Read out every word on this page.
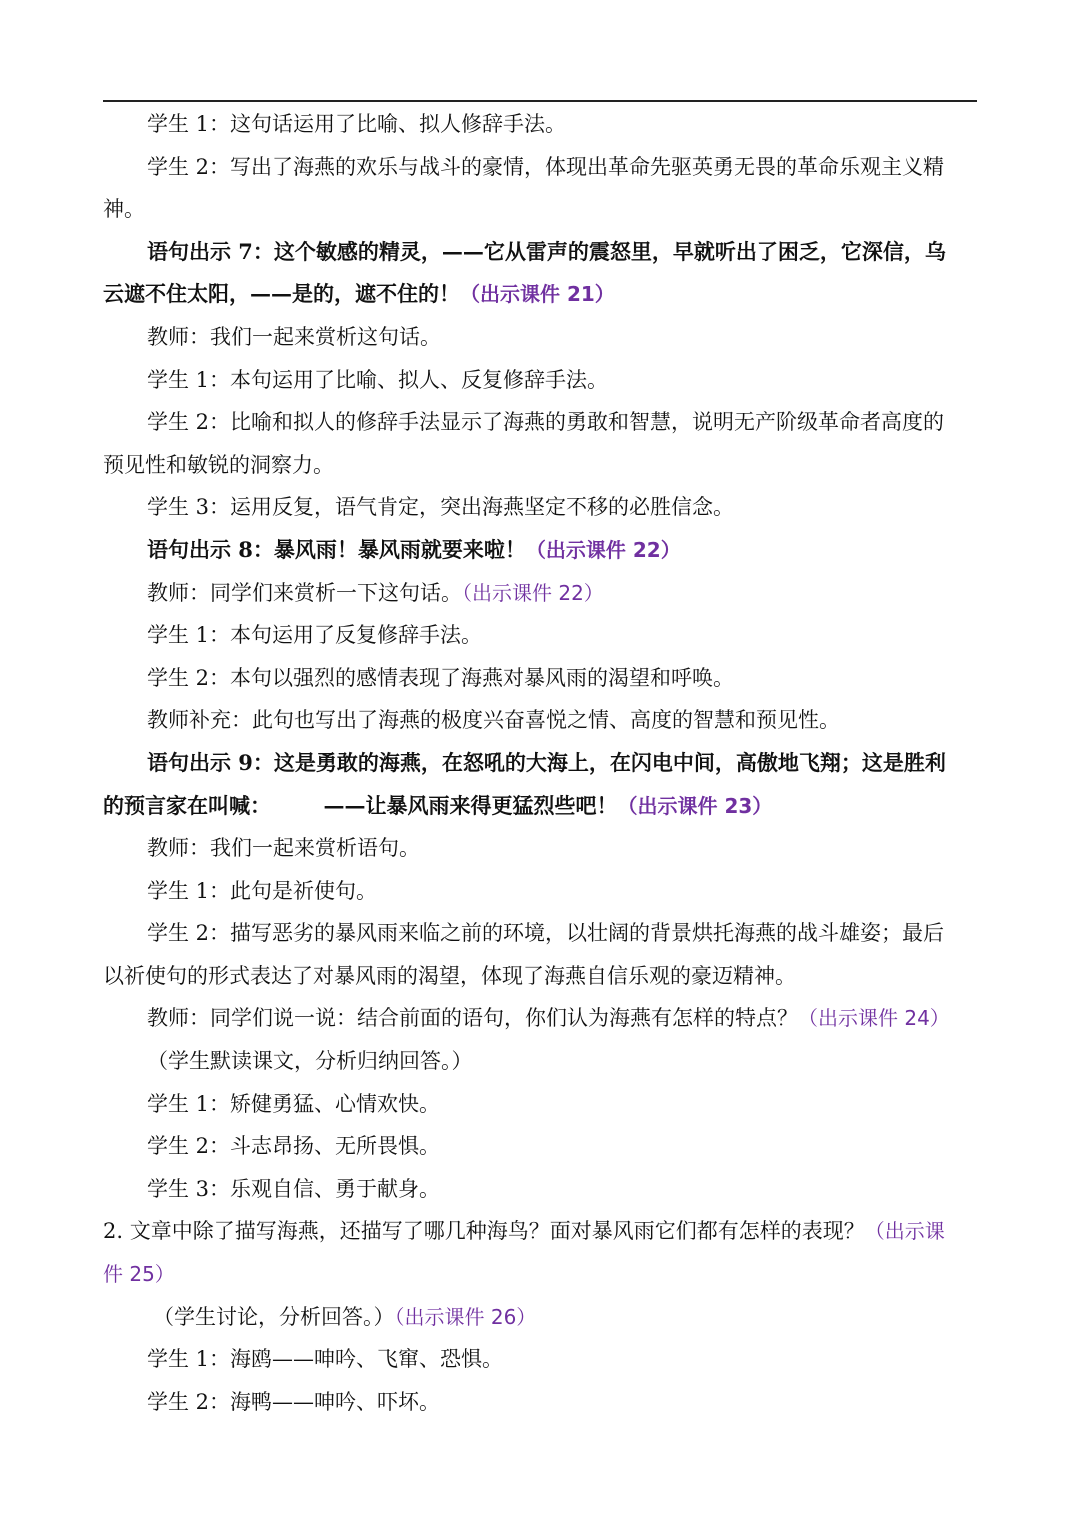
学生 1：这句话运用了比喻、拟人修辞手法。
学生 2：写出了海燕的欢乐与战斗的豪情，体现出革命先驱英勇无畏的革命乐观主义精
神。
语句出示 7：这个敏感的精灵，——它从雷声的震怒里，早就听出了困乏，它深信，乌
云遮不住太阳，——是的，遮不住的！（出示课件 21）
教师：我们一起来赏析这句话。
学生 1：本句运用了比喻、拟人、反复修辞手法。
学生 2：比喻和拟人的修辞手法显示了海燕的勇敢和智慧，说明无产阶级革命者高度的
预见性和敏锐的洞察力。
学生 3：运用反复，语气肯定，突出海燕坚定不移的必胜信念。
语句出示 8：暴风雨！暴风雨就要来啦！（出示课件 22）
教师：同学们来赏析一下这句话。（出示课件 22）
学生 1：本句运用了反复修辞手法。
学生 2：本句以强烈的感情表现了海燕对暴风雨的渴望和呼唤。
教师补充：此句也写出了海燕的极度兴奋喜悦之情、高度的智慧和预见性。
语句出示 9：这是勇敢的海燕，在怒吼的大海上，在闪电中间，高傲地飞翔；这是胜利
的预言家在叫喊：　　　——让暴风雨来得更猛烈些吧！（出示课件 23）
教师：我们一起来赏析语句。
学生 1：此句是祈使句。
学生 2：描写恶劣的暴风雨来临之前的环境，以壮阔的背景烘托海燕的战斗雄姿；最后
以祈使句的形式表达了对暴风雨的渴望，体现了海燕自信乐观的豪迈精神。
教师：同学们说一说：结合前面的语句，你们认为海燕有怎样的特点？（出示课件 24）
（学生默读课文，分析归纳回答。）
学生 1：矫健勇猛、心情欢快。
学生 2：斗志昂扬、无所畏惧。
学生 3：乐观自信、勇于献身。
2. 文章中除了描写海燕，还描写了哪几种海鸟？面对暴风雨它们都有怎样的表现？（出示课
件 25）
（学生讨论，分析回答。）（出示课件 26）
学生 1：海鸥——呻吟、飞窜、恐惧。
学生 2：海鸭——呻吟、吓坏。
